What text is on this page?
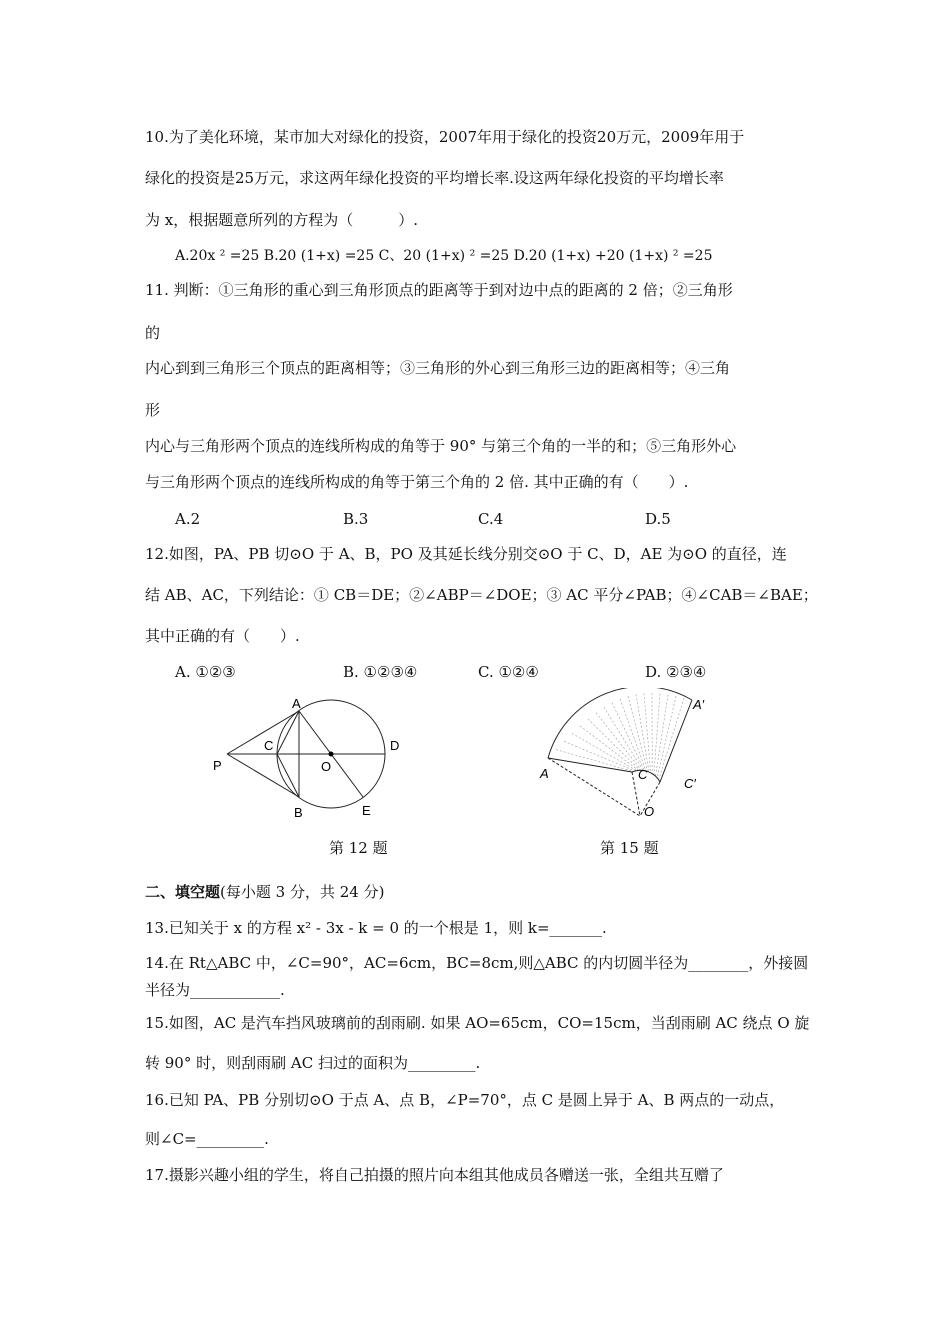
10.为了美化环境，某市加大对绿化的投资，2007年用于绿化的投资20万元，2009年用于
绿化的投资是25万元，求这两年绿化投资的平均增长率.设这两年绿化投资的平均增长率
为 x，根据题意所列的方程为（　　　）.
A.20x ² =25 B.20 (1+x) =25 C、20 (1+x) ² =25 D.20 (1+x) +20 (1+x) ² =25
11. 判断：①三角形的重心到三角形顶点的距离等于到对边中点的距离的 2 倍；②三角形
的
内心到到三角形三个顶点的距离相等；③三角形的外心到三角形三边的距离相等；④三角
形
内心与三角形两个顶点的连线所构成的角等于 90° 与第三个角的一半的和；⑤三角形外心
与三角形两个顶点的连线所构成的角等于第三个角的 2 倍. 其中正确的有（　　）.
A.2	B.3	C.4	D.5
12.如图，PA、PB 切⊙O 于 A、B，PO 及其延长线分别交⊙O 于 C、D，AE 为⊙O 的直径，连
结 AB、AC，下列结论：① CB＝DE；②∠ABP＝∠DOE；③ AC 平分∠PAB；④∠CAB＝∠BAE；
其中正确的有（　　）.
A. ①②③	B. ①②③④	C. ①②④	D. ②③④
A
B
C	D
E
O
P
第 12 题
A
A′
C
C′
O
第 15 题
二、填空题(每小题 3 分，共 24 分)
13.已知关于 x 的方程 x² - 3x - k = 0 的一个根是 1，则 k=_______.
14.在 Rt△ABC 中，∠C=90°，AC=6cm，BC=8cm,则△ABC 的内切圆半径为________，外接圆
半径为____________.
15.如图，AC 是汽车挡风玻璃前的刮雨刷. 如果 AO=65cm，CO=15cm，当刮雨刷 AC 绕点 O 旋
转 90° 时，则刮雨刷 AC 扫过的面积为_________.
16.已知 PA、PB 分别切⊙O 于点 A、点 B，∠P=70°，点 C 是圆上异于 A、B 两点的一动点，
则∠C=_________.
17.摄影兴趣小组的学生，将自己拍摄的照片向本组其他成员各赠送一张，全组共互赠了
